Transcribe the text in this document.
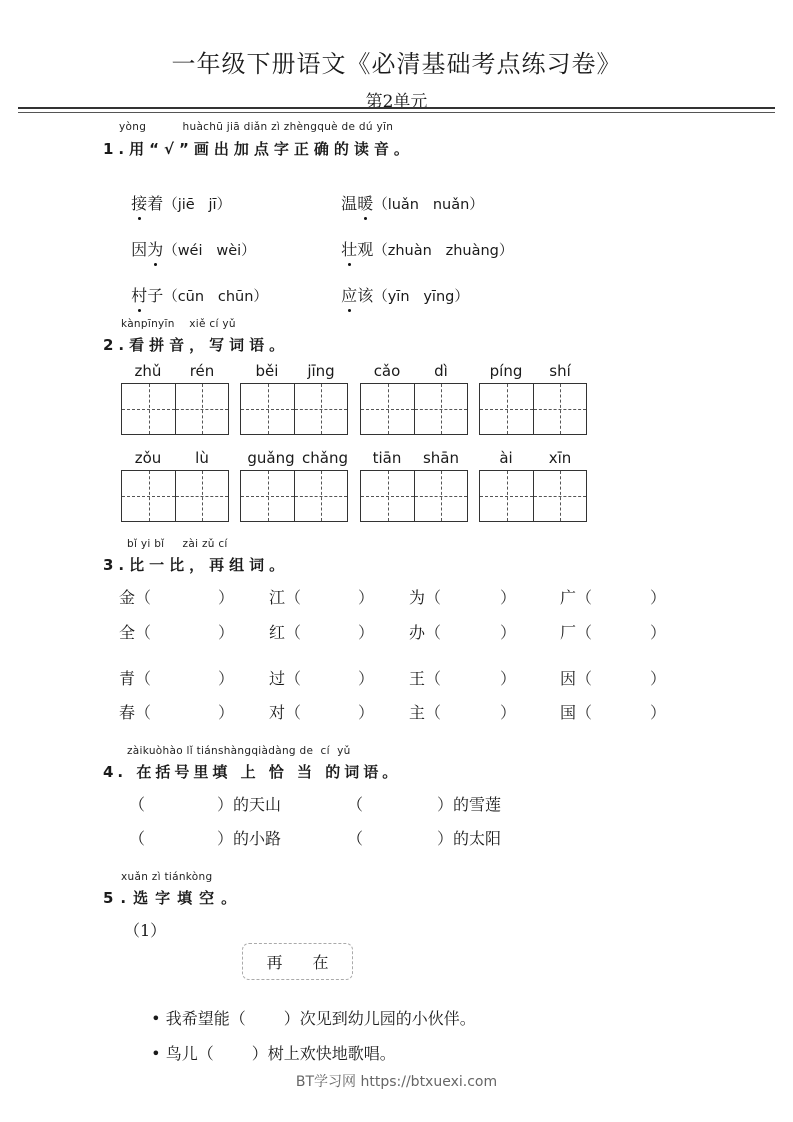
一年级下册语文《必清基础考点练习卷》
第2单元
yòng          huàchū jiā diǎn zì zhèngquè de dú yīn
1.用“√”画出加点字正确的读音。

接着（jiē   jī）	温暖（luǎn   nuǎn）

因为（wéi   wèi）	壮观（zhuàn   zhuàng）

村子（cūn   chūn）	应该（yīn   yīng）

kànpīnyīn    xiě cí yǔ
2.看拼音，写词语。
zhǔ	rén	běi	jīng	cǎo	dì	píng	shí
zǒu	lù	guǎng chǎng	tiān	shān	ài	xīn
bǐ yi bǐ     zài zǔ cí
3.比一比，再组词。
金（	） 江（	） 为（	）	广（	）
全（	） 红（	） 办（	）	厂（	）
青（	） 过（	） 王（	）	因（	）
春（	） 对（	） 主（	）	国（	）
zàikuòhào lǐ tiánshàngqiàdàng de  cí  yǔ
4. 在括号里填 上 恰 当 的词语。
（	）的天山	（	）的雪莲
（	）的小路	（	）的太阳
xuǎn zì tiánkòng
5.选字填空。
（1）
再 在

• 我希望能（ ）次见到幼儿园的小伙伴。

• 鸟儿（ ）树上欢快地歌唱。

BT学习网 https://btxuexi.com
